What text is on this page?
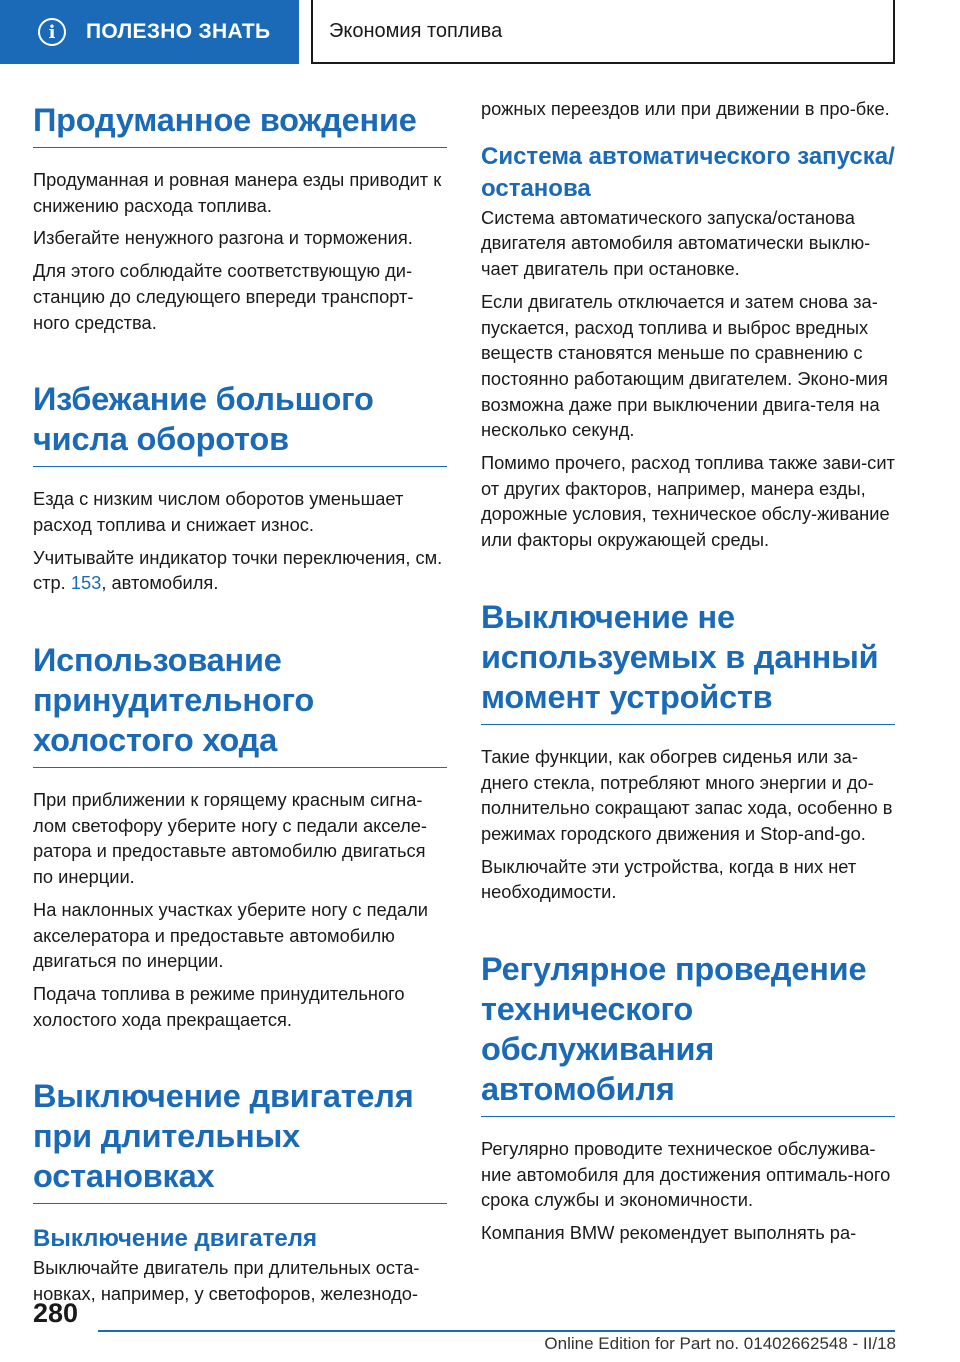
i	ПОЛЕЗНО ЗНАТЬ	Экономия топлива
Продуманное вождение

Продуманная и ровная манера езды приводит к снижению расхода топлива.

Избегайте ненужного разгона и торможения.

Для этого соблюдайте соответствующую ди-станцию до следующего впереди транспорт-ного средства.

Избежание большого числа оборотов

Езда с низким числом оборотов уменьшает расход топлива и снижает износ.

Учитывайте индикатор точки переключения, см. стр. 153, автомобиля.

Использование принудительного холостого хода

При приближении к горящему красным сигна-лом светофору уберите ногу с педали акселе-ратора и предоставьте автомобилю двигаться по инерции.

На наклонных участках уберите ногу с педали акселератора и предоставьте автомобилю двигаться по инерции.

Подача топлива в режиме принудительного холостого хода прекращается.

Выключение двигателя при длительных остановках
Выключение двигателя

Выключайте двигатель при длительных оста-новках, например, у светофоров, железнодо-

рожных переездов или при движении в про-бке.

Система автоматического запуска/останова

Система автоматического запуска/останова двигателя автомобиля автоматически выклю-чает двигатель при остановке.

Если двигатель отключается и затем снова за-пускается, расход топлива и выброс вредных веществ становятся меньше по сравнению с постоянно работающим двигателем. Эконо-мия возможна даже при выключении двига-теля на несколько секунд.

Помимо прочего, расход топлива также зави-сит от других факторов, например, манера езды, дорожные условия, техническое обслу-живание или факторы окружающей среды.

Выключение не используемых в данный момент устройств

Такие функции, как обогрев сиденья или за-днего стекла, потребляют много энергии и до-полнительно сокращают запас хода, особенно в режимах городского движения и Stop-and-go.

Выключайте эти устройства, когда в них нет необходимости.

Регулярное проведение технического обслуживания автомобиля

Регулярно проводите техническое обслужива-ние автомобиля для достижения оптималь-ного срока службы и экономичности.

Компания BMW рекомендует выполнять ра-

280
Online Edition for Part no. 01402662548 - II/18
